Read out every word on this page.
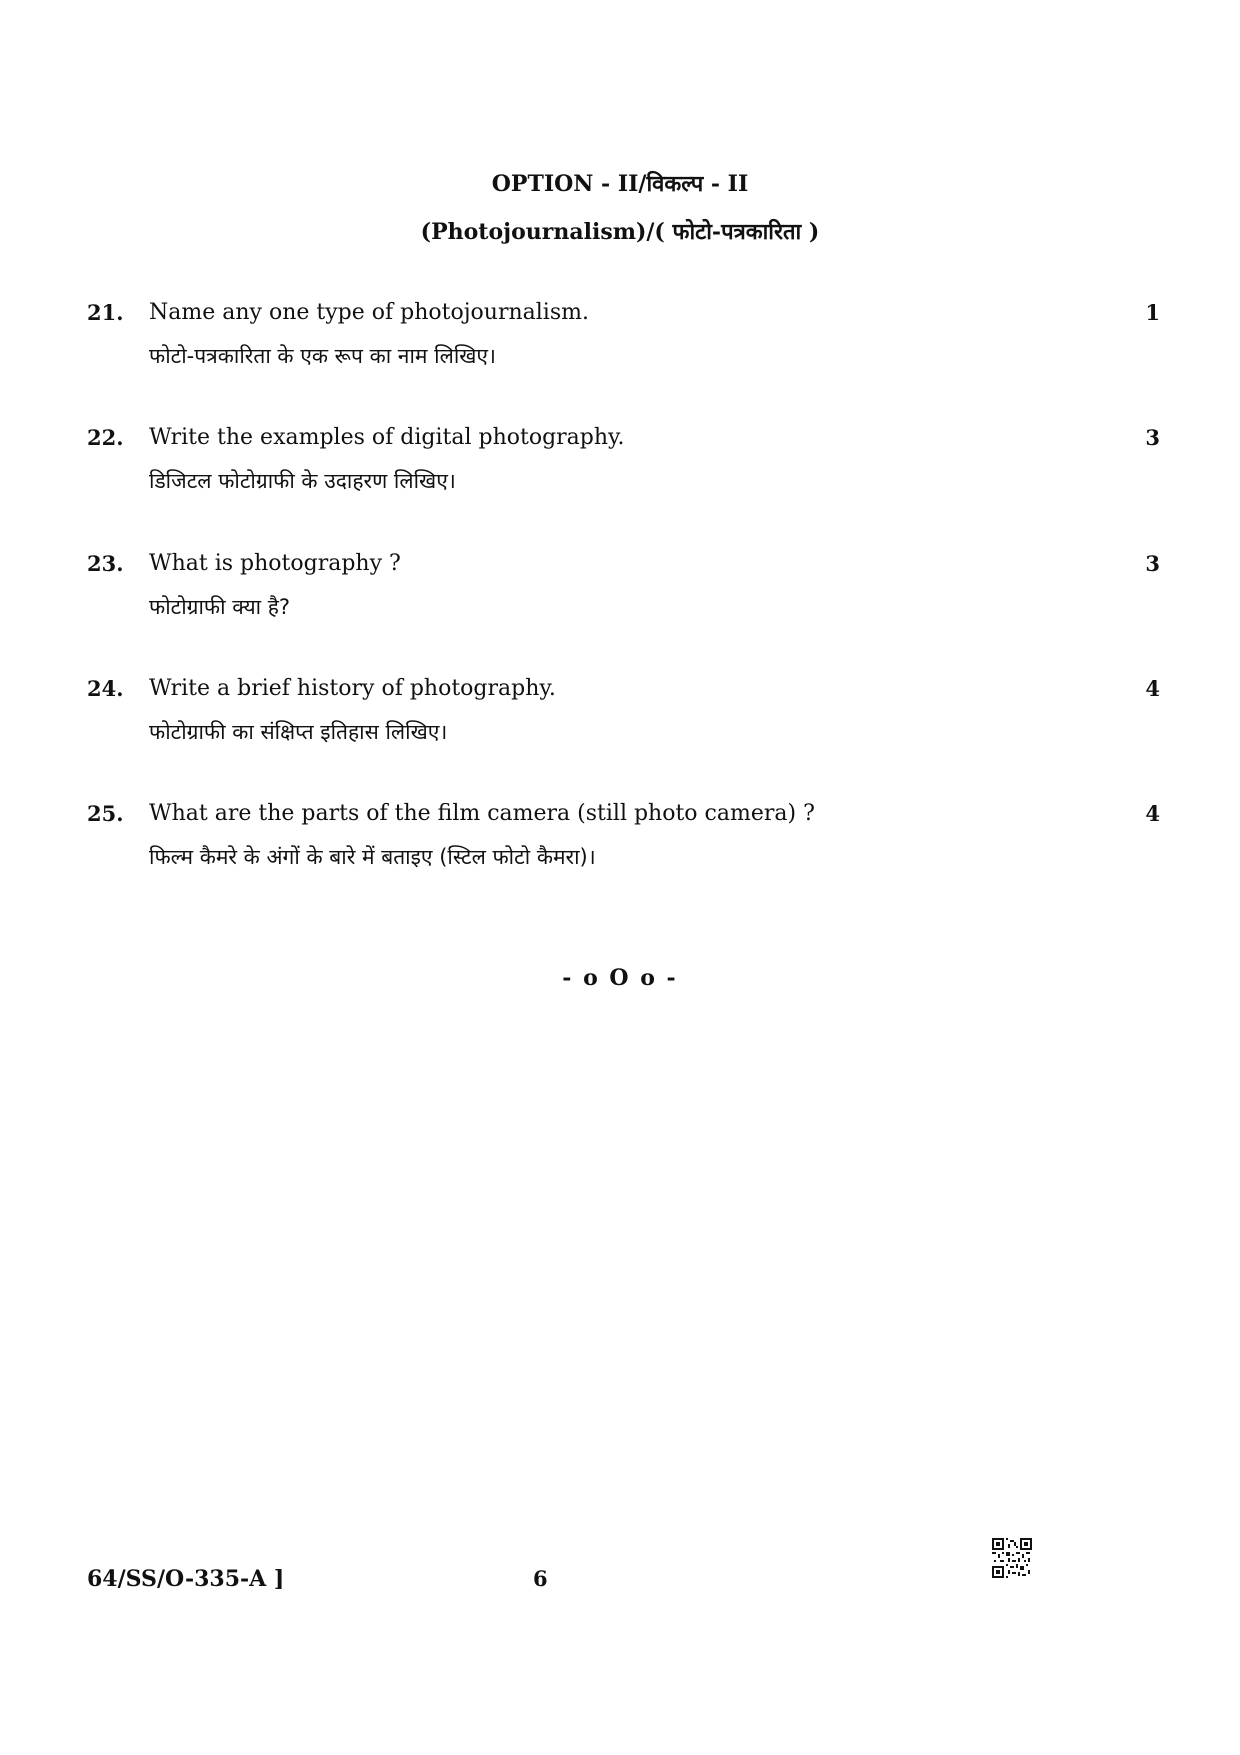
OPTION - II/विकल्प - II
(Photojournalism)/( फोटो-पत्रकारिता )
21. Name any one type of photojournalism.
फोटो-पत्रकारिता के एक रूप का नाम लिखिए।
1
22. Write the examples of digital photography.
डिजिटल फोटोग्राफी के उदाहरण लिखिए।
3
23. What is photography ?
फोटोग्राफी क्या है?
3
24. Write a brief history of photography.
फोटोग्राफी का संक्षिप्त इतिहास लिखिए।
4
25. What are the parts of the film camera (still photo camera) ?
फिल्म कैमरे के अंगों के बारे में बताइए (स्टिल फोटो कैमरा)।
4
- o O o -
64/SS/O-335-A ]	6
